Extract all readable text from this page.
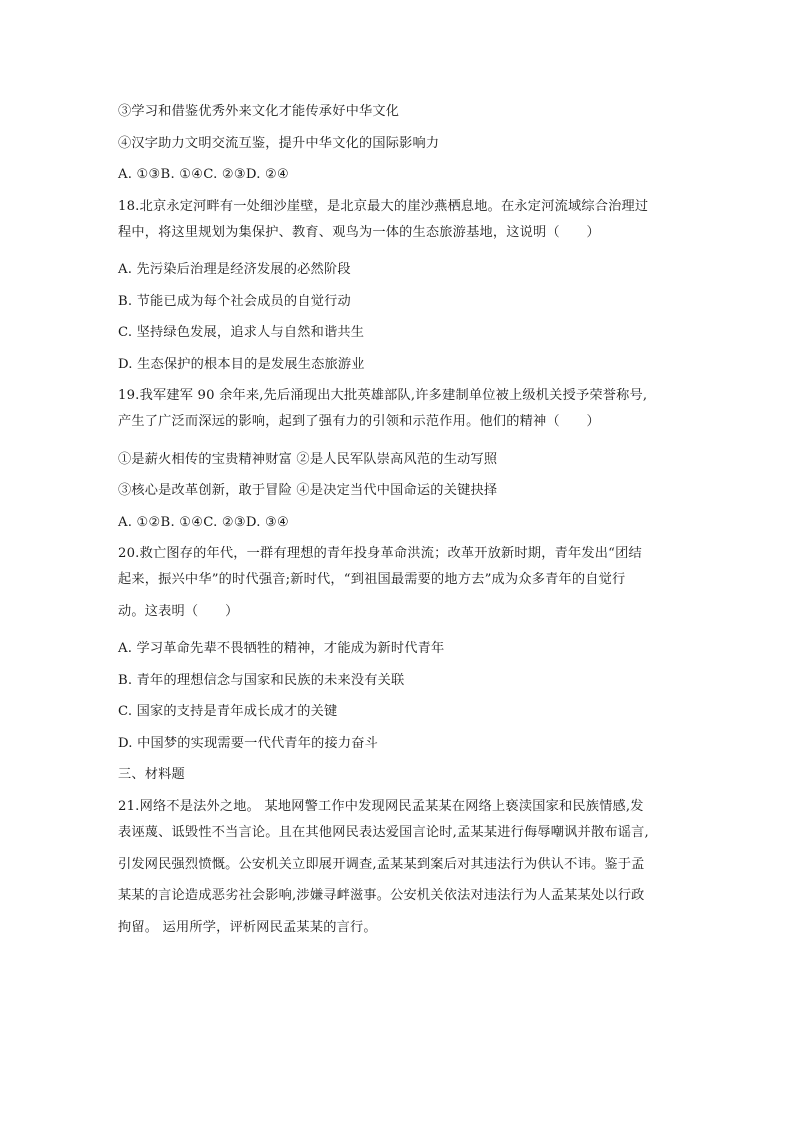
③学习和借鉴优秀外来文化才能传承好中华文化
④汉字助力文明交流互鉴，提升中华文化的国际影响力
A. ①③B. ①④C. ②③D. ②④
18.北京永定河畔有一处细沙崖壁，是北京最大的崖沙燕栖息地。在永定河流域综合治理过
程中，将这里规划为集保护、教育、观鸟为一体的生态旅游基地，这说明（　　）
A. 先污染后治理是经济发展的必然阶段
B. 节能已成为每个社会成员的自觉行动
C. 坚持绿色发展，追求人与自然和谐共生
D. 生态保护的根本目的是发展生态旅游业
19.我军建军 90 余年来,先后涌现出大批英雄部队,许多建制单位被上级机关授予荣誉称号,
产生了广泛而深远的影响，起到了强有力的引领和示范作用。他们的精神（　　）
①是薪火相传的宝贵精神财富 ②是人民军队崇高风范的生动写照
③核心是改革创新，敢于冒险 ④是决定当代中国命运的关键抉择
A. ①②B. ①④C. ②③D. ③④
20.救亡图存的年代，一群有理想的青年投身革命洪流；改革开放新时期，青年发出“团结
起来，振兴中华”的时代强音;新时代，“到祖国最需要的地方去”成为众多青年的自觉行
动。这表明（　　）
A. 学习革命先辈不畏牺牲的精神，才能成为新时代青年
B. 青年的理想信念与国家和民族的未来没有关联
C. 国家的支持是青年成长成才的关键
D. 中国梦的实现需要一代代青年的接力奋斗
三、材料题
21.网络不是法外之地。 某地网警工作中发现网民孟某某在网络上亵渎国家和民族情感,发
表诬蔑、诋毁性不当言论。且在其他网民表达爱国言论时,孟某某进行侮辱嘲讽并散布谣言,
引发网民强烈愤慨。公安机关立即展开调查,孟某某到案后对其违法行为供认不讳。鉴于孟
某某的言论造成恶劣社会影响,涉嫌寻衅滋事。公安机关依法对违法行为人孟某某处以行政
拘留。 运用所学，评析网民孟某某的言行。
